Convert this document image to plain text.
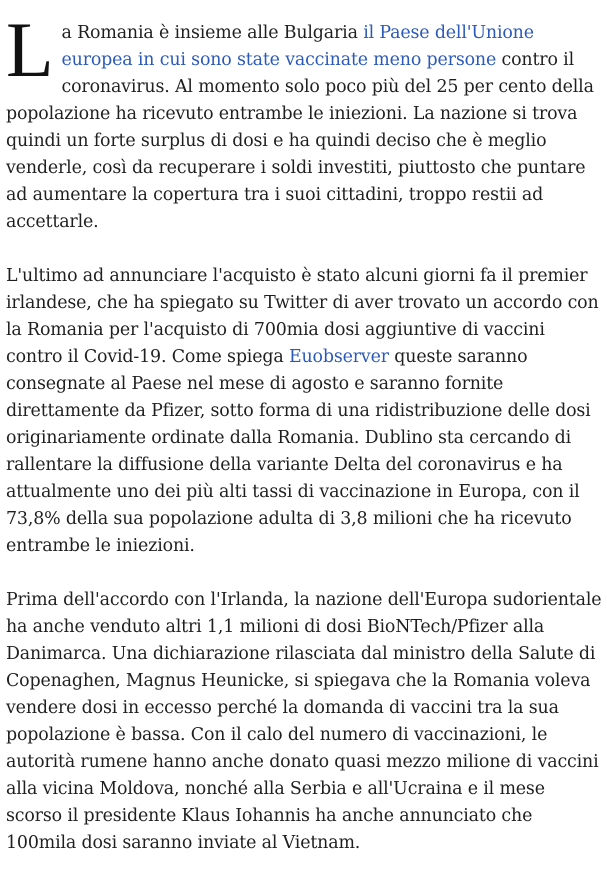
La Romania è insieme alle Bulgaria il Paese dell'Unione europea in cui sono state vaccinate meno persone contro il coronavirus. Al momento solo poco più del 25 per cento della popolazione ha ricevuto entrambe le iniezioni. La nazione si trova quindi un forte surplus di dosi e ha quindi deciso che è meglio venderle, così da recuperare i soldi investiti, piuttosto che puntare ad aumentare la copertura tra i suoi cittadini, troppo restii ad accettarle.

L'ultimo ad annunciare l'acquisto è stato alcuni giorni fa il premier irlandese, che ha spiegato su Twitter di aver trovato un accordo con la Romania per l'acquisto di 700mia dosi aggiuntive di vaccini contro il Covid-19. Come spiega Euobserver queste saranno consegnate al Paese nel mese di agosto e saranno fornite direttamente da Pfizer, sotto forma di una ridistribuzione delle dosi originariamente ordinate dalla Romania. Dublino sta cercando di rallentare la diffusione della variante Delta del coronavirus e ha attualmente uno dei più alti tassi di vaccinazione in Europa, con il 73,8% della sua popolazione adulta di 3,8 milioni che ha ricevuto entrambe le iniezioni.

Prima dell'accordo con l'Irlanda, la nazione dell'Europa sudorientale ha anche venduto altri 1,1 milioni di dosi BioNTech/Pfizer alla Danimarca. Una dichiarazione rilasciata dal ministro della Salute di Copenaghen, Magnus Heunicke, si spiegava che la Romania voleva vendere dosi in eccesso perché la domanda di vaccini tra la sua popolazione è bassa. Con il calo del numero di vaccinazioni, le autorità rumene hanno anche donato quasi mezzo milione di vaccini alla vicina Moldova, nonché alla Serbia e all'Ucraina e il mese scorso il presidente Klaus Iohannis ha anche annunciato che 100mila dosi saranno inviate al Vietnam.
